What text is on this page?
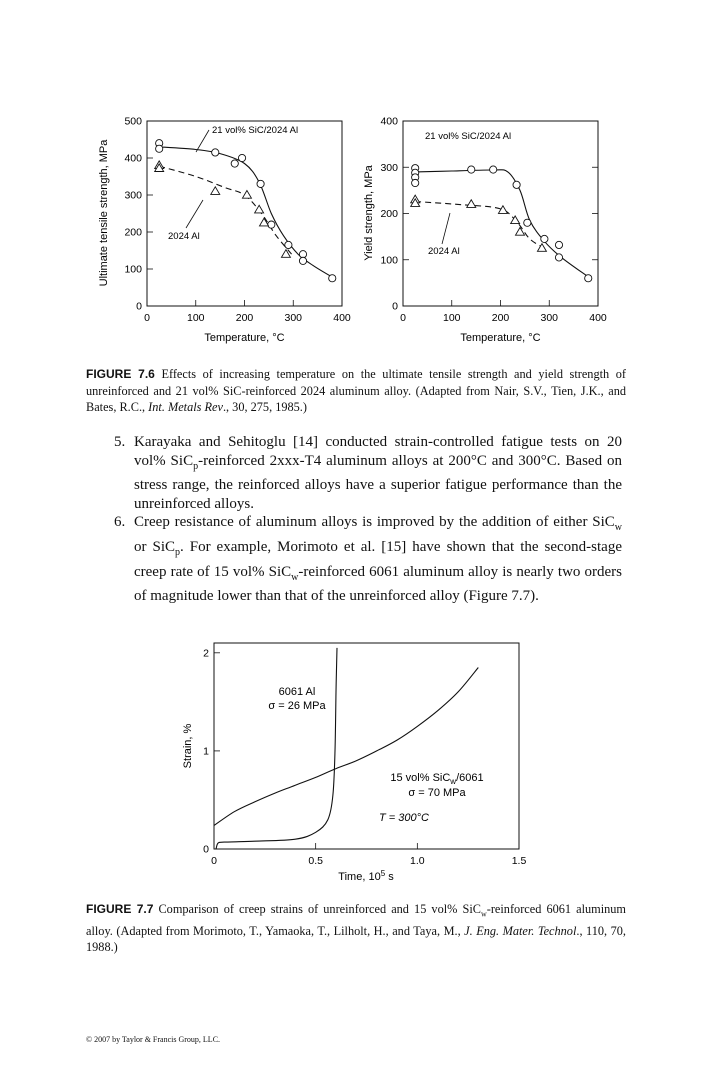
0	100	200	300	400
0
100
200
300
400
500
Ultimate tensile strength, MPa
Temperature, °C
21 vol% SiC/2024 Al
2024 Al
0	100	200	300	400
0
100
200
300
400
Yield strength, MPa
Temperature, °C
21 vol% SiC/2024 Al
2024 Al
FIGURE 7.6 Effects of increasing temperature on the ultimate tensile strength and yield strength of unreinforced and 21 vol% SiC-reinforced 2024 aluminum alloy. (Adapted from Nair, S.V., Tien, J.K., and Bates, R.C., Int. Metals Rev., 30, 275, 1985.)
5. Karayaka and Sehitoglu [14] conducted strain-controlled fatigue tests on 20 vol% SiC$_p$-reinforced 2xxx-T4 aluminum alloys at 200°C and 300°C. Based on stress range, the reinforced alloys have a superior fatigue performance than the unreinforced alloys.
6. Creep resistance of aluminum alloys is improved by the addition of either SiC$_w$ or SiC$_p$. For example, Morimoto et al. [15] have shown that the second-stage creep rate of 15 vol% SiC$_w$-reinforced 6061 aluminum alloy is nearly two orders of magnitude lower than that of the unreinforced alloy (Figure 7.7).
0	0.5	1.0	1.5
0
1
2
Strain, %
Time, $10^5$ s
6061 Al
σ = 26 MPa
15 vol% SiC$_w$/6061
σ = 70 MPa
T = 300°C
FIGURE 7.7 Comparison of creep strains of unreinforced and 15 vol% SiC$_w$-reinforced 6061 aluminum alloy. (Adapted from Morimoto, T., Yamaoka, T., Lilholt, H., and Taya, M., J. Eng. Mater. Technol., 110, 70, 1988.)
© 2007 by Taylor & Francis Group, LLC.
